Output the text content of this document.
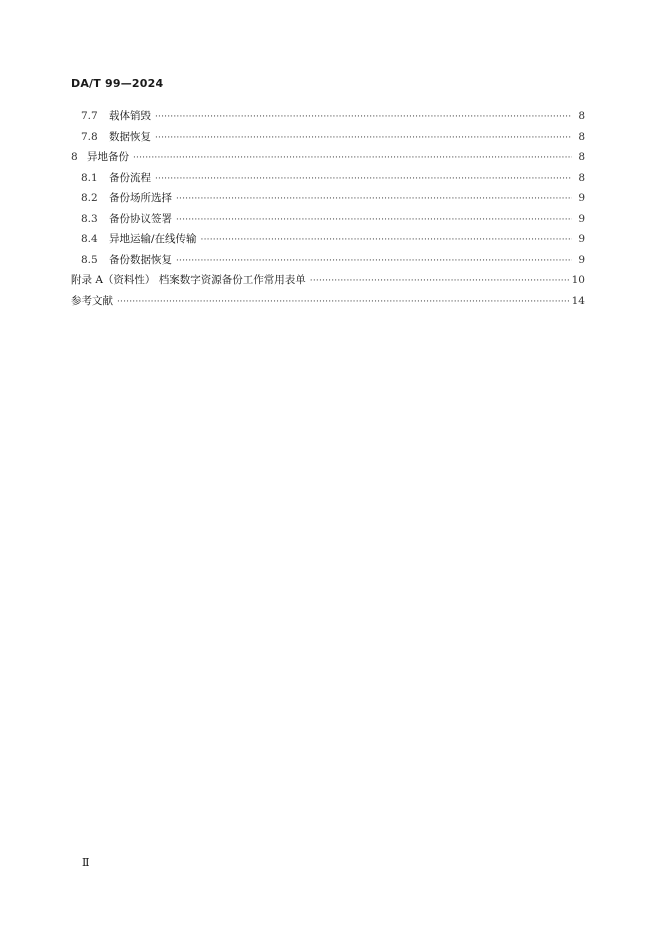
DA/T 99—2024
7.7	载体销毁 ·····	8
7.8	数据恢复 ·····	8
8 异地备份 ·····	8
8.1	备份流程 ·····	8
8.2	备份场所选择 ·····	9
8.3	备份协议签署 ·····	9
8.4	异地运输/在线传输 ·····	9
8.5	备份数据恢复 ·····	9
附录 A（资料性） 档案数字资源备份工作常用表单 ·····	10
参考文献 ·····	14
Ⅱ
